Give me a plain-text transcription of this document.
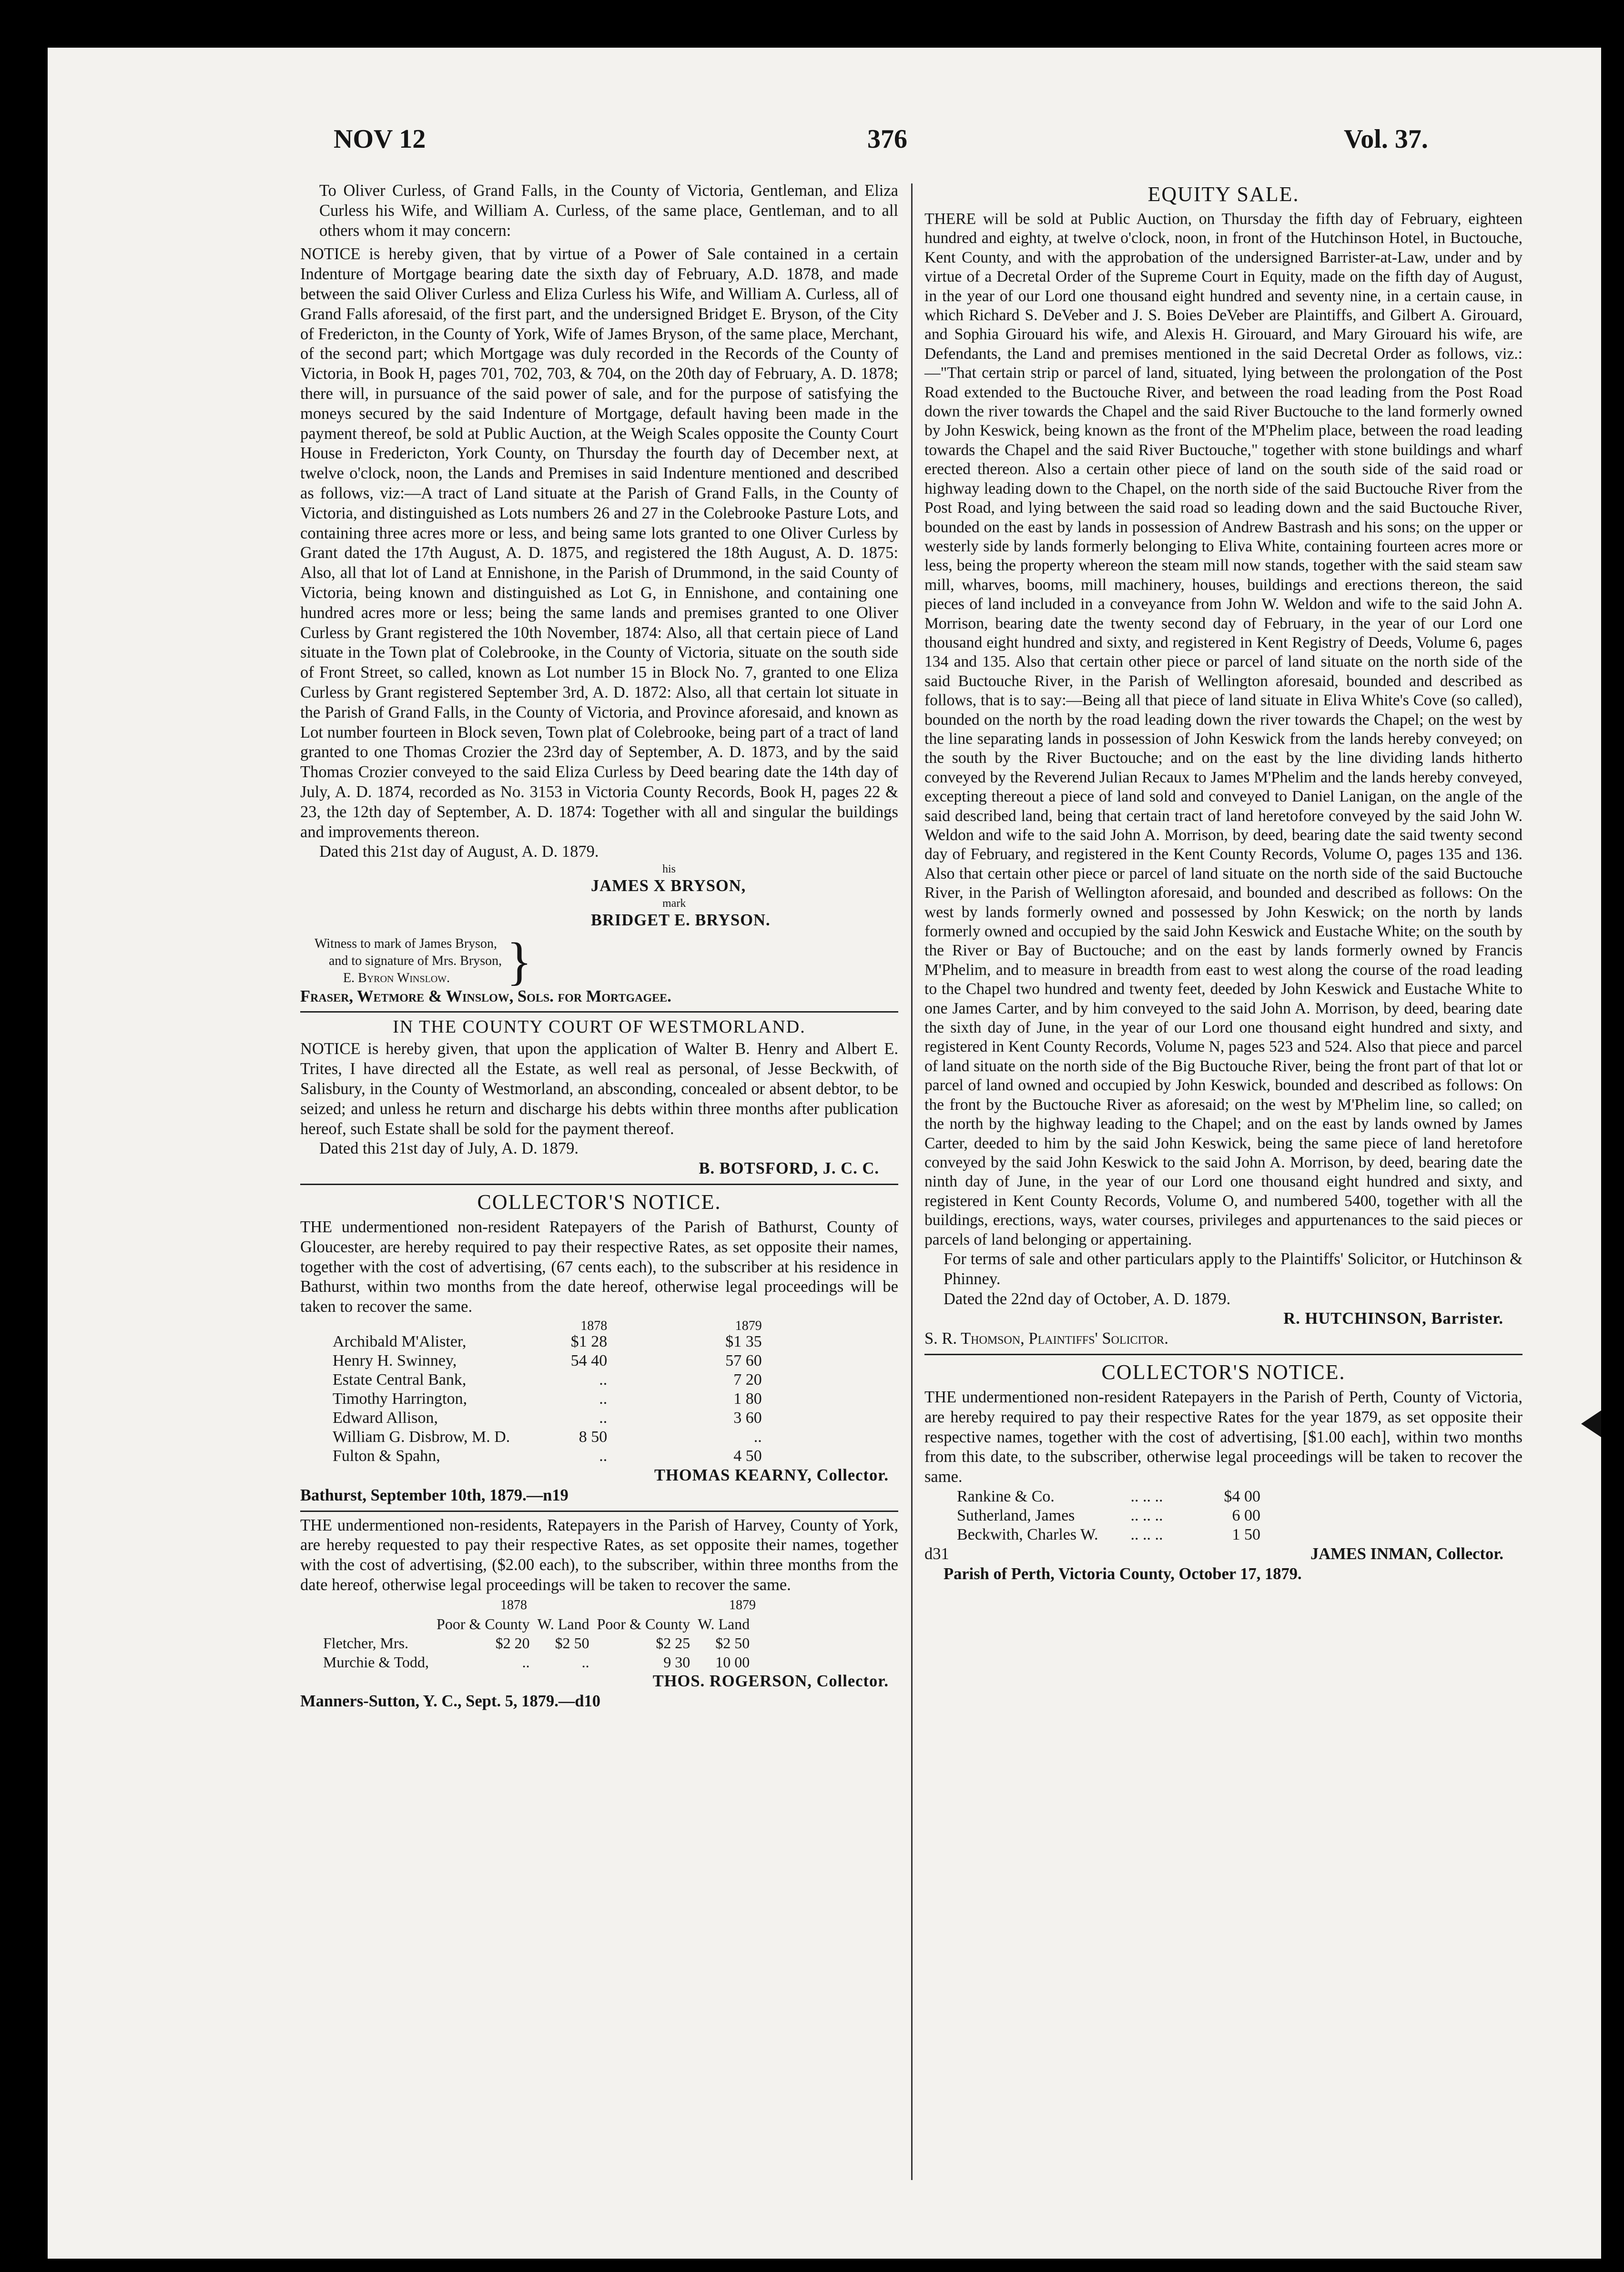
NOV 12	376	Vol. 37.

To Oliver Curless, of Grand Falls, in the County of Victoria, Gentleman, and Eliza Curless his Wife, and William A. Curless, of the same place, Gentleman, and to all others whom it may concern:

NOTICE is hereby given, that by virtue of a Power of Sale contained in a certain Indenture of Mortgage bearing date the sixth day of February, A.D. 1878, and made between the said Oliver Curless and Eliza Curless his Wife, and William A. Curless, all of Grand Falls aforesaid, of the first part, and the undersigned Bridget E. Bryson, of the City of Fredericton, in the County of York, Wife of James Bryson, of the same place, Merchant, of the second part; which Mortgage was duly recorded in the Records of the County of Victoria, in Book H, pages 701, 702, 703, & 704, on the 20th day of February, A. D. 1878; there will, in pursuance of the said power of sale, and for the purpose of satisfying the moneys secured by the said Indenture of Mortgage, default having been made in the payment thereof, be sold at Public Auction, at the Weigh Scales opposite the County Court House in Fredericton, York County, on Thursday the fourth day of December next, at twelve o'clock, noon, the Lands and Premises in said Indenture mentioned and described as follows, viz:—A tract of Land situate at the Parish of Grand Falls, in the County of Victoria, and distinguished as Lots numbers 26 and 27 in the Colebrooke Pasture Lots, and containing three acres more or less, and being same lots granted to one Oliver Curless by Grant dated the 17th August, A. D. 1875, and registered the 18th August, A. D. 1875: Also, all that lot of Land at Ennishone, in the Parish of Drummond, in the said County of Victoria, being known and distinguished as Lot G, in Ennishone, and containing one hundred acres more or less; being the same lands and premises granted to one Oliver Curless by Grant registered the 10th November, 1874: Also, all that certain piece of Land situate in the Town plat of Colebrooke, in the County of Victoria, situate on the south side of Front Street, so called, known as Lot number 15 in Block No. 7, granted to one Eliza Curless by Grant registered September 3rd, A. D. 1872: Also, all that certain lot situate in the Parish of Grand Falls, in the County of Victoria, and Province aforesaid, and known as Lot number fourteen in Block seven, Town plat of Colebrooke, being part of a tract of land granted to one Thomas Crozier the 23rd day of September, A. D. 1873, and by the said Thomas Crozier conveyed to the said Eliza Curless by Deed bearing date the 14th day of July, A. D. 1874, recorded as No. 3153 in Victoria County Records, Book H, pages 22 & 23, the 12th day of September, A. D. 1874: Together with all and singular the buildings and improvements thereon.

Dated this 21st day of August, A. D. 1879.

his

JAMES X BRYSON,

mark

BRIDGET E. BRYSON.

Witness to mark of James Bryson,
and to signature of Mrs. Bryson,
E. Byron Winslow.	}

Fraser, Wetmore & Winslow, Sols. for Mortgagee.

IN THE COUNTY COURT OF WESTMORLAND.

NOTICE is hereby given, that upon the application of Walter B. Henry and Albert E. Trites, I have directed all the Estate, as well real as personal, of Jesse Beckwith, of Salisbury, in the County of Westmorland, an absconding, concealed or absent debtor, to be seized; and unless he return and discharge his debts within three months after publication hereof, such Estate shall be sold for the payment thereof.

Dated this 21st day of July, A. D. 1879.

B. BOTSFORD, J. C. C.

COLLECTOR'S NOTICE.

THE undermentioned non-resident Ratepayers of the Parish of Bathurst, County of Gloucester, are hereby required to pay their respective Rates, as set opposite their names, together with the cost of advertising, (67 cents each), to the subscriber at his residence in Bathurst, within two months from the date hereof, otherwise legal proceedings will be taken to recover the same.

	1878	1879
Archibald M'Alister,	$1 28	$1 35
Henry H. Swinney,	54 40	57 60
Estate Central Bank,	..	7 20
Timothy Harrington,	..	1 80
Edward Allison,	..	3 60
William G. Disbrow, M. D.	8 50	..
Fulton & Spahn,	..	4 50

THOMAS KEARNY, Collector.

Bathurst, September 10th, 1879.—n19

THE undermentioned non-residents, Ratepayers in the Parish of Harvey, County of York, are hereby requested to pay their respective Rates, as set opposite their names, together with the cost of advertising, ($2.00 each), to the subscriber, within three months from the date hereof, otherwise legal proceedings will be taken to recover the same.

1878	1879
	Poor & County	W. Land	Poor & County	W. Land
Fletcher, Mrs.	$2 20	$2 50	$2 25	$2 50
Murchie & Todd,	..	..	9 30	10 00

THOS. ROGERSON, Collector.

Manners-Sutton, Y. C., Sept. 5, 1879.—d10

EQUITY SALE.

THERE will be sold at Public Auction, on Thursday the fifth day of February, eighteen hundred and eighty, at twelve o'clock, noon, in front of the Hutchinson Hotel, in Buctouche, Kent County, and with the approbation of the undersigned Barrister-at-Law, under and by virtue of a Decretal Order of the Supreme Court in Equity, made on the fifth day of August, in the year of our Lord one thousand eight hundred and seventy nine, in a certain cause, in which Richard S. DeVeber and J. S. Boies DeVeber are Plaintiffs, and Gilbert A. Girouard, and Sophia Girouard his wife, and Alexis H. Girouard, and Mary Girouard his wife, are Defendants, the Land and premises mentioned in the said Decretal Order as follows, viz.:—"That certain strip or parcel of land, situated, lying between the prolongation of the Post Road extended to the Buctouche River, and between the road leading from the Post Road down the river towards the Chapel and the said River Buctouche to the land formerly owned by John Keswick, being known as the front of the M'Phelim place, between the road leading towards the Chapel and the said River Buctouche," together with stone buildings and wharf erected thereon. Also a certain other piece of land on the south side of the said road or highway leading down to the Chapel, on the north side of the said Buctouche River from the Post Road, and lying between the said road so leading down and the said Buctouche River, bounded on the east by lands in possession of Andrew Bastrash and his sons; on the upper or westerly side by lands formerly belonging to Eliva White, containing fourteen acres more or less, being the property whereon the steam mill now stands, together with the said steam saw mill, wharves, booms, mill machinery, houses, buildings and erections thereon, the said pieces of land included in a conveyance from John W. Weldon and wife to the said John A. Morrison, bearing date the twenty second day of February, in the year of our Lord one thousand eight hundred and sixty, and registered in Kent Registry of Deeds, Volume 6, pages 134 and 135. Also that certain other piece or parcel of land situate on the north side of the said Buctouche River, in the Parish of Wellington aforesaid, bounded and described as follows, that is to say:—Being all that piece of land situate in Eliva White's Cove (so called), bounded on the north by the road leading down the river towards the Chapel; on the west by the line separating lands in possession of John Keswick from the lands hereby conveyed; on the south by the River Buctouche; and on the east by the line dividing lands hitherto conveyed by the Reverend Julian Recaux to James M'Phelim and the lands hereby conveyed, excepting thereout a piece of land sold and conveyed to Daniel Lanigan, on the angle of the said described land, being that certain tract of land heretofore conveyed by the said John W. Weldon and wife to the said John A. Morrison, by deed, bearing date the said twenty second day of February, and registered in the Kent County Records, Volume O, pages 135 and 136. Also that certain other piece or parcel of land situate on the north side of the said Buctouche River, in the Parish of Wellington aforesaid, and bounded and described as follows: On the west by lands formerly owned and possessed by John Keswick; on the north by lands formerly owned and occupied by the said John Keswick and Eustache White; on the south by the River or Bay of Buctouche; and on the east by lands formerly owned by Francis M'Phelim, and to measure in breadth from east to west along the course of the road leading to the Chapel two hundred and twenty feet, deeded by John Keswick and Eustache White to one James Carter, and by him conveyed to the said John A. Morrison, by deed, bearing date the sixth day of June, in the year of our Lord one thousand eight hundred and sixty, and registered in Kent County Records, Volume N, pages 523 and 524. Also that piece and parcel of land situate on the north side of the Big Buctouche River, being the front part of that lot or parcel of land owned and occupied by John Keswick, bounded and described as follows: On the front by the Buctouche River as aforesaid; on the west by M'Phelim line, so called; on the north by the highway leading to the Chapel; and on the east by lands owned by James Carter, deeded to him by the said John Keswick, being the same piece of land heretofore conveyed by the said John Keswick to the said John A. Morrison, by deed, bearing date the ninth day of June, in the year of our Lord one thousand eight hundred and sixty, and registered in Kent County Records, Volume O, and numbered 5400, together with all the buildings, erections, ways, water courses, privileges and appurtenances to the said pieces or parcels of land belonging or appertaining.

For terms of sale and other particulars apply to the Plaintiffs' Solicitor, or Hutchinson & Phinney.

Dated the 22nd day of October, A. D. 1879.

R. HUTCHINSON, Barrister.

S. R. Thomson, Plaintiffs' Solicitor.

COLLECTOR'S NOTICE.

THE undermentioned non-resident Ratepayers in the Parish of Perth, County of Victoria, are hereby required to pay their respective Rates for the year 1879, as set opposite their respective names, together with the cost of advertising, [$1.00 each], within two months from this date, to the subscriber, otherwise legal proceedings will be taken to recover the same.

Rankine & Co.	.. .. ..	$4 00
Sutherland, James	.. .. ..	6 00
Beckwith, Charles W.	.. .. ..	1 50
d31	JAMES INMAN, Collector.

Parish of Perth, Victoria County, October 17, 1879.
